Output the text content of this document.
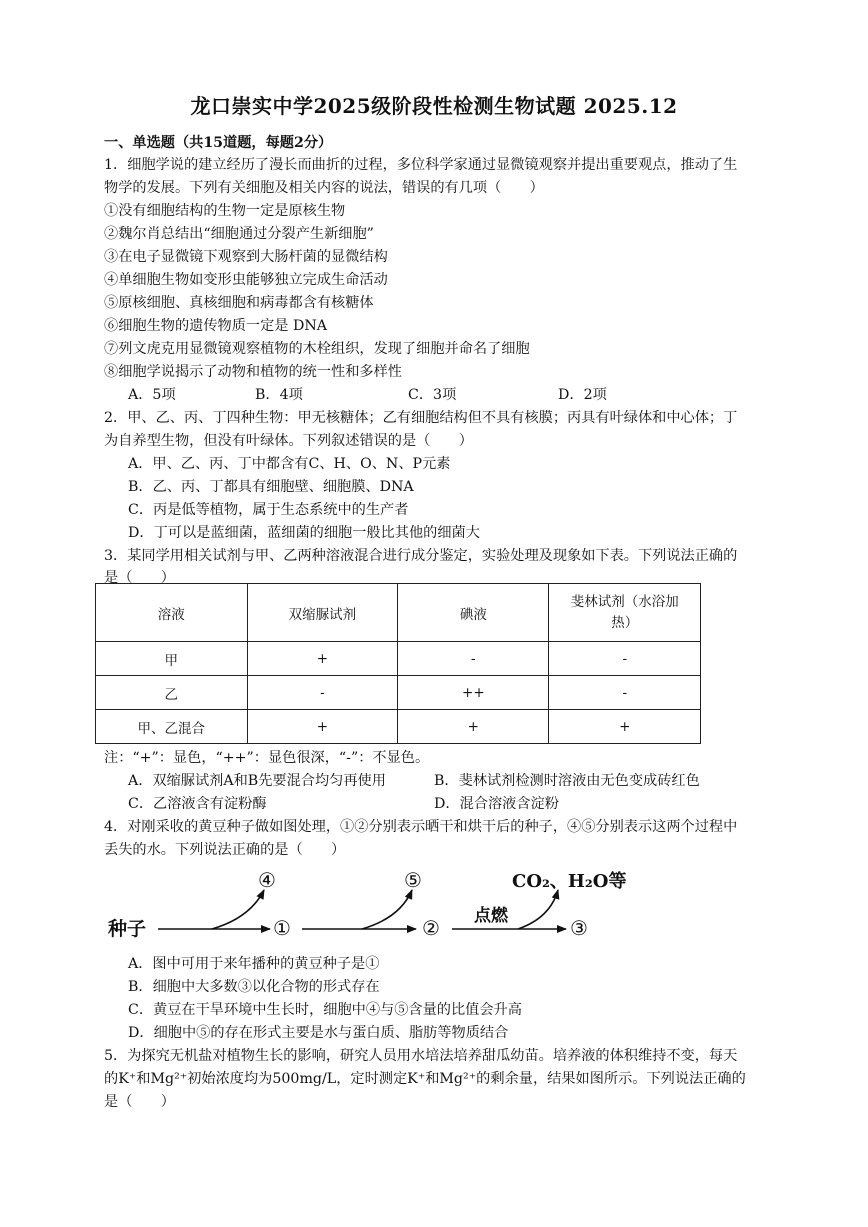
龙口崇实中学2025级阶段性检测生物试题 2025.12
一、单选题（共15道题，每题2分）
1．细胞学说的建立经历了漫长而曲折的过程，多位科学家通过显微镜观察并提出重要观点，推动了生
物学的发展。下列有关细胞及相关内容的说法，错误的有几项（　　）
①没有细胞结构的生物一定是原核生物
②魏尔肖总结出“细胞通过分裂产生新细胞”
③在电子显微镜下观察到大肠杆菌的显微结构
④单细胞生物如变形虫能够独立完成生命活动
⑤原核细胞、真核细胞和病毒都含有核糖体
⑥细胞生物的遗传物质一定是 DNA
⑦列文虎克用显微镜观察植物的木栓组织，发现了细胞并命名了细胞
⑧细胞学说揭示了动物和植物的统一性和多样性
A．5项	B．4项	C．3项	D．2项
2．甲、乙、丙、丁四种生物：甲无核糖体；乙有细胞结构但不具有核膜；丙具有叶绿体和中心体；丁
为自养型生物，但没有叶绿体。下列叙述错误的是（　　）
A．甲、乙、丙、丁中都含有C、H、O、N、P元素
B．乙、丙、丁都具有细胞壁、细胞膜、DNA
C．丙是低等植物，属于生态系统中的生产者
D．丁可以是蓝细菌，蓝细菌的细胞一般比其他的细菌大
3．某同学用相关试剂与甲、乙两种溶液混合进行成分鉴定，实验处理及现象如下表。下列说法正确的
是（　　）
溶液	双缩脲试剂	碘液	斐林试剂（水浴加
热）
甲	+	-	-
乙	-	++	-
甲、乙混合	+	+	+
注：“+”：显色，“++”：显色很深，“-”：不显色。
A．双缩脲试剂A和B先要混合均匀再使用	B．斐林试剂检测时溶液由无色变成砖红色
C．乙溶液含有淀粉酶	D．混合溶液含淀粉
4．对刚采收的黄豆种子做如图处理，①②分别表示晒干和烘干后的种子，④⑤分别表示这两个过程中
丢失的水。下列说法正确的是（　　）
种子
④
①
⑤
② 点燃
CO₂、H₂O等
③
A．图中可用于来年播种的黄豆种子是①
B．细胞中大多数③以化合物的形式存在
C．黄豆在干旱环境中生长时，细胞中④与⑤含量的比值会升高
D．细胞中⑤的存在形式主要是水与蛋白质、脂肪等物质结合
5．为探究无机盐对植物生长的影响，研究人员用水培法培养甜瓜幼苗。培养液的体积维持不变，每天
的K⁺和Mg²⁺初始浓度均为500mg/L，定时测定K⁺和Mg²⁺的剩余量，结果如图所示。下列说法正确的
是（　　）
